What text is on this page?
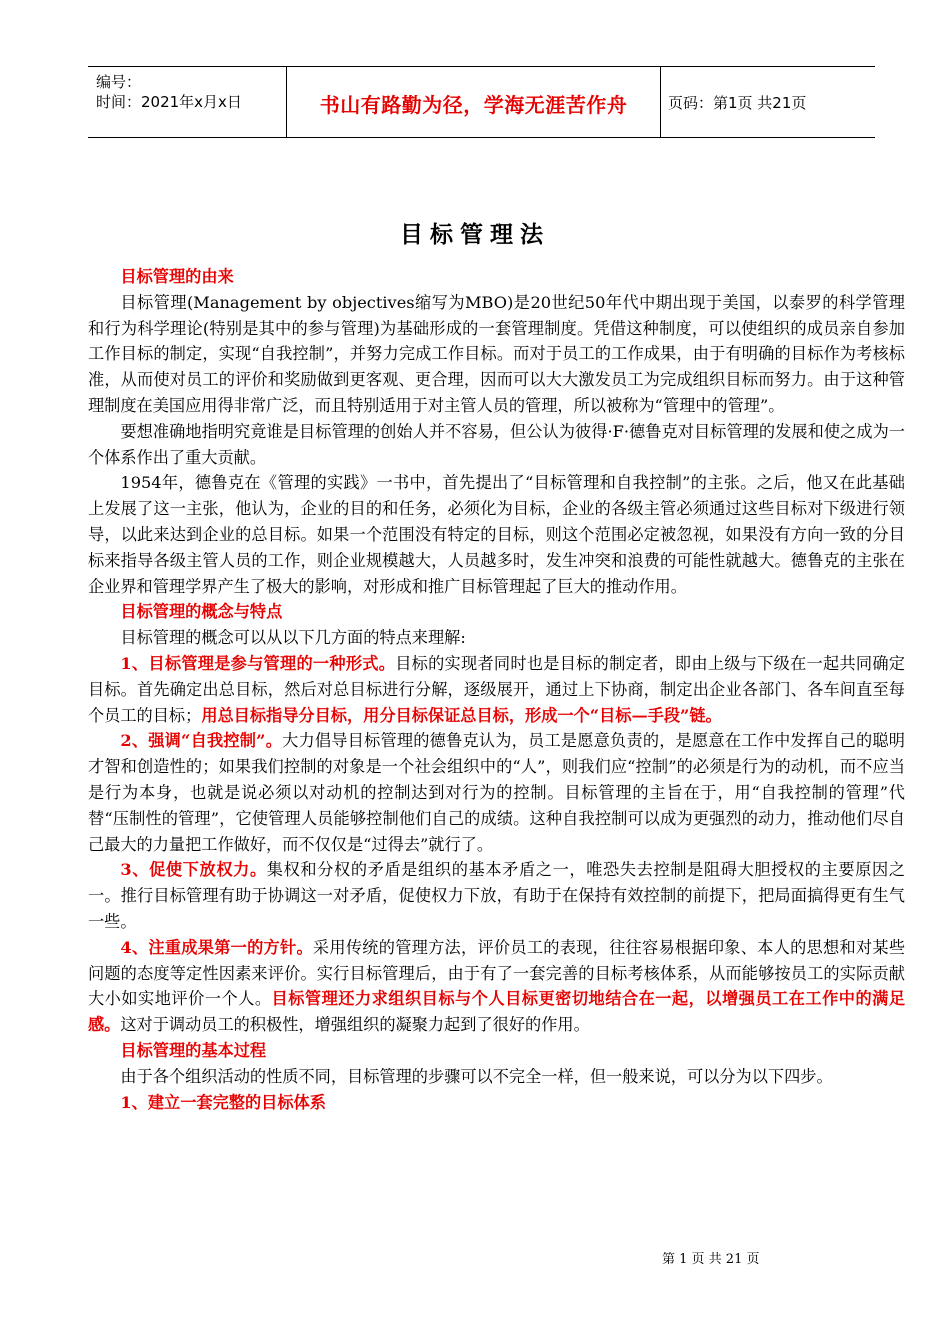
编号：
时间：2021年x月x日	书山有路勤为径，学海无涯苦作舟	页码：第1页 共21页
目标管理法

目标管理的由来

目标管理(Management by objectives缩写为MBO)是20世纪50年代中期出现于美国，以泰罗的科学管理和行为科学理论(特别是其中的参与管理)为基础形成的一套管理制度。凭借这种制度，可以使组织的成员亲自参加工作目标的制定，实现“自我控制”，并努力完成工作目标。而对于员工的工作成果，由于有明确的目标作为考核标准，从而使对员工的评价和奖励做到更客观、更合理，因而可以大大激发员工为完成组织目标而努力。由于这种管理制度在美国应用得非常广泛，而且特别适用于对主管人员的管理，所以被称为“管理中的管理”。

要想准确地指明究竟谁是目标管理的创始人并不容易，但公认为彼得·F·德鲁克对目标管理的发展和使之成为一个体系作出了重大贡献。

1954年，德鲁克在《管理的实践》一书中，首先提出了“目标管理和自我控制”的主张。之后，他又在此基础上发展了这一主张，他认为，企业的目的和任务，必须化为目标，企业的各级主管必须通过这些目标对下级进行领导，以此来达到企业的总目标。如果一个范围没有特定的目标，则这个范围必定被忽视，如果没有方向一致的分目标来指导各级主管人员的工作，则企业规模越大，人员越多时，发生冲突和浪费的可能性就越大。德鲁克的主张在企业界和管理学界产生了极大的影响，对形成和推广目标管理起了巨大的推动作用。

目标管理的概念与特点

目标管理的概念可以从以下几方面的特点来理解:

1、目标管理是参与管理的一种形式。目标的实现者同时也是目标的制定者，即由上级与下级在一起共同确定目标。首先确定出总目标，然后对总目标进行分解，逐级展开，通过上下协商，制定出企业各部门、各车间直至每个员工的目标；用总目标指导分目标，用分目标保证总目标，形成一个“目标—手段”链。

2、强调“自我控制”。大力倡导目标管理的德鲁克认为，员工是愿意负责的，是愿意在工作中发挥自己的聪明才智和创造性的；如果我们控制的对象是一个社会组织中的“人”，则我们应“控制”的必须是行为的动机，而不应当是行为本身，也就是说必须以对动机的控制达到对行为的控制。目标管理的主旨在于，用“自我控制的管理”代替“压制性的管理”，它使管理人员能够控制他们自己的成绩。这种自我控制可以成为更强烈的动力，推动他们尽自己最大的力量把工作做好，而不仅仅是“过得去”就行了。

3、促使下放权力。集权和分权的矛盾是组织的基本矛盾之一，唯恐失去控制是阻碍大胆授权的主要原因之一。推行目标管理有助于协调这一对矛盾，促使权力下放，有助于在保持有效控制的前提下，把局面搞得更有生气一些。

4、注重成果第一的方针。采用传统的管理方法，评价员工的表现，往往容易根据印象、本人的思想和对某些问题的态度等定性因素来评价。实行目标管理后，由于有了一套完善的目标考核体系，从而能够按员工的实际贡献大小如实地评价一个人。目标管理还力求组织目标与个人目标更密切地结合在一起，以增强员工在工作中的满足感。这对于调动员工的积极性，增强组织的凝聚力起到了很好的作用。

目标管理的基本过程

由于各个组织活动的性质不同，目标管理的步骤可以不完全一样，但一般来说，可以分为以下四步。

1、建立一套完整的目标体系

第 1 页 共 21 页
